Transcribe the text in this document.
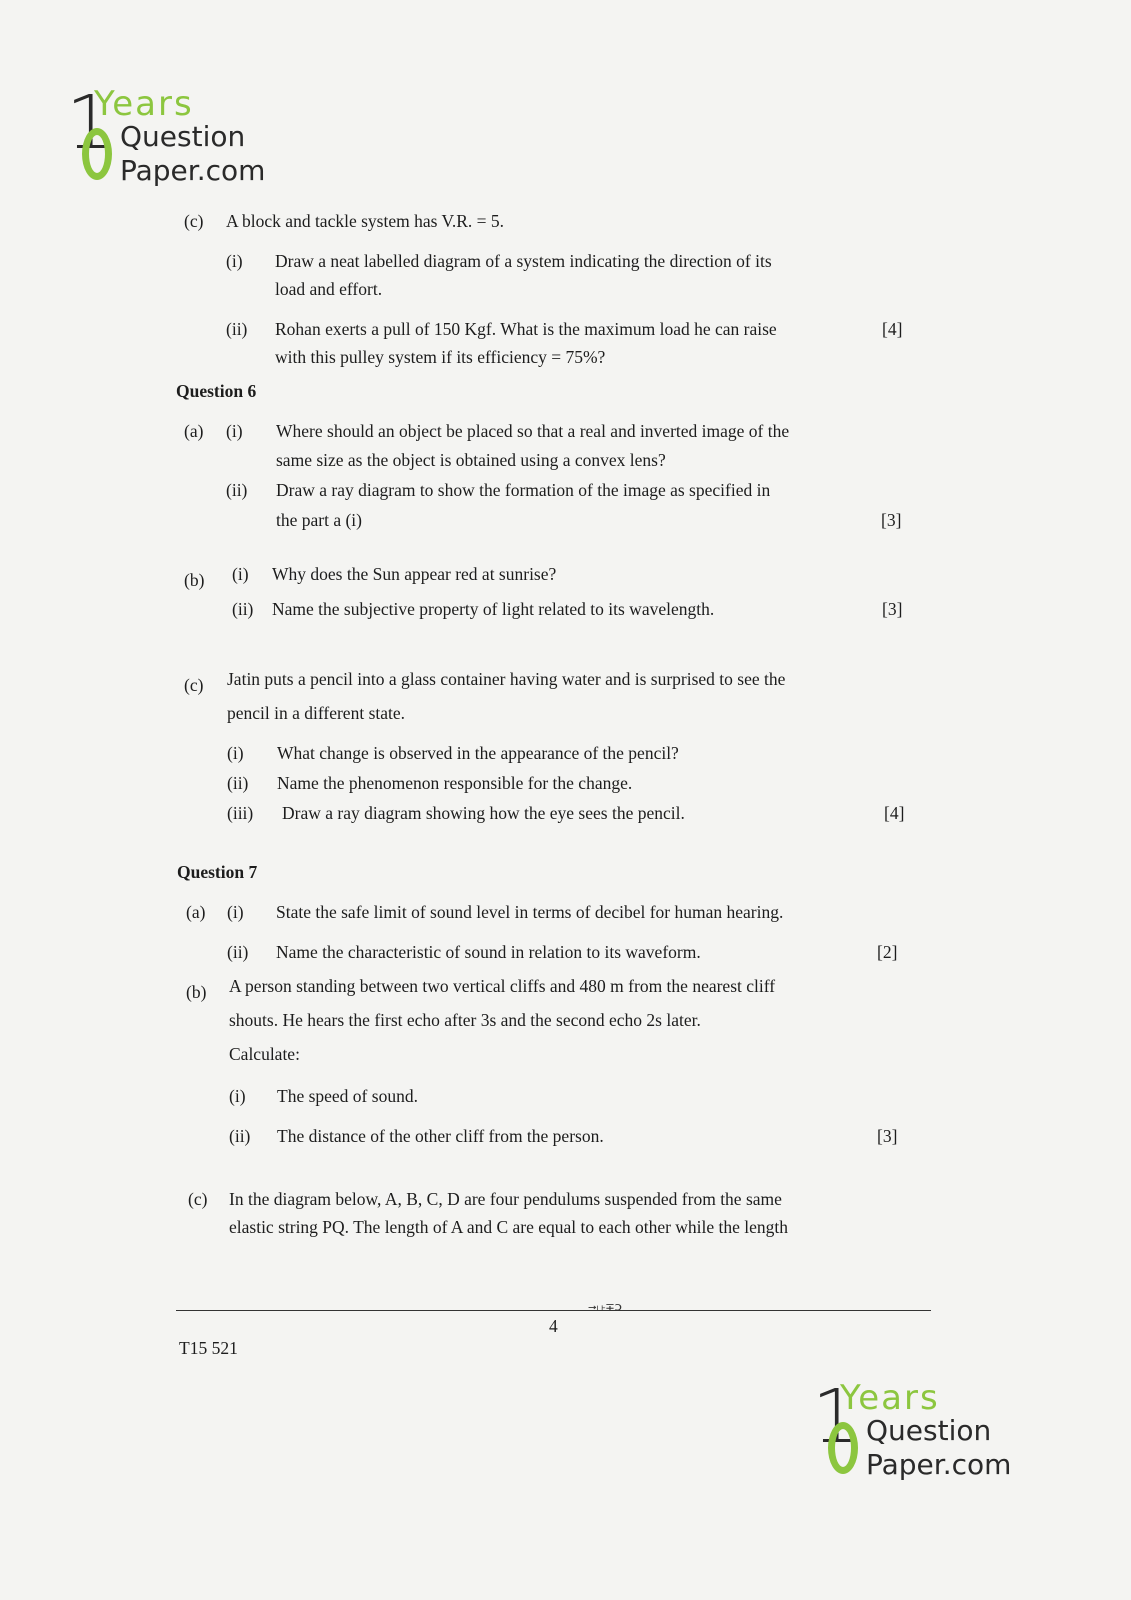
1
Years
Question
Paper.com
(c) A block and tackle system has V.R. = 5.
(i) Draw a neat labelled diagram of a system indicating the direction of its
load and effort.
(ii) Rohan exerts a pull of 150 Kgf. What is the maximum load he can raise
with this pulley system if its efficiency = 75%?
[4]
Question 6
(a) (i) Where should an object be placed so that a real and inverted image of the
same size as the object is obtained using a convex lens?
(ii) Draw a ray diagram to show the formation of the image as specified in
the part a (i)	[3]
(b) (i) Why does the Sun appear red at sunrise?
(ii) Name the subjective property of light related to its wavelength.	[3]
(c) Jatin puts a pencil into a glass container having water and is surprised to see the
pencil in a different state.
(i) What change is observed in the appearance of the pencil?
(ii) Name the phenomenon responsible for the change.
(iii) Draw a ray diagram showing how the eye sees the pencil.	[4]
Question 7
(a) (i) State the safe limit of sound level in terms of decibel for human hearing.
(ii) Name the characteristic of sound in relation to its waveform.	[2]
(b) A person standing between two vertical cliffs and 480 m from the nearest cliff
shouts. He hears the first echo after 3s and the second echo 2s later.
Calculate:
(i) The speed of sound.
(ii) The distance of the other cliff from the person.	[3]
(c) In the diagram below, A, B, C, D are four pendulums suspended from the same
elastic string PQ. The length of A and C are equal to each other while the length
→˪˫∓ɔ
4
T15 521
1
Years
Question
Paper.com
